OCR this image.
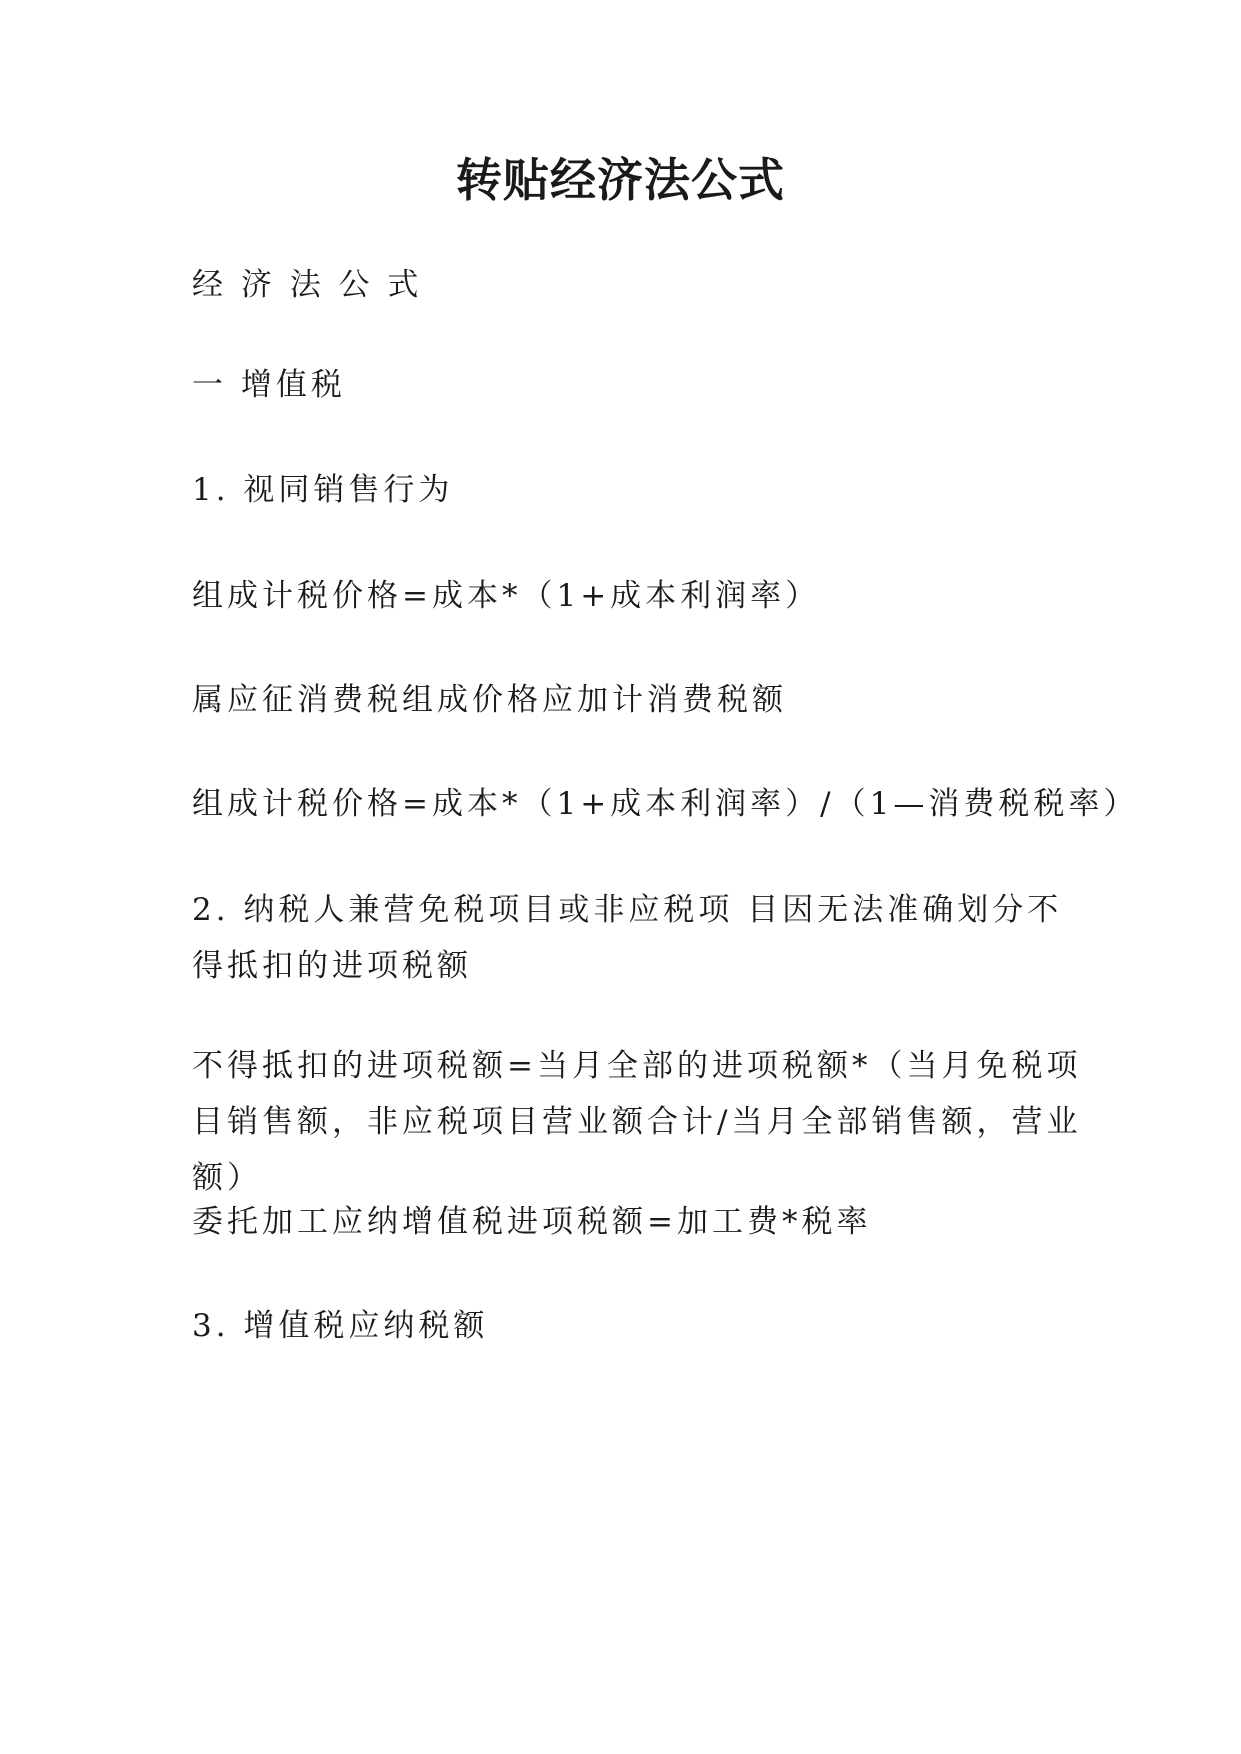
转贴经济法公式

经 济 法 公 式

一 增值税

1. 视同销售行为

组成计税价格=成本*（1+成本利润率）

属应征消费税组成价格应加计消费税额

组成计税价格=成本*（1+成本利润率）/（1—消费税税率）

2. 纳税人兼营免税项目或非应税项 目因无法准确划分不得抵扣的进项税额

不得抵扣的进项税额=当月全部的进项税额*（当月免税项目销售额，非应税项目营业额合计/当月全部销售额，营业额）

委托加工应纳增值税进项税额=加工费*税率

3. 增值税应纳税额
